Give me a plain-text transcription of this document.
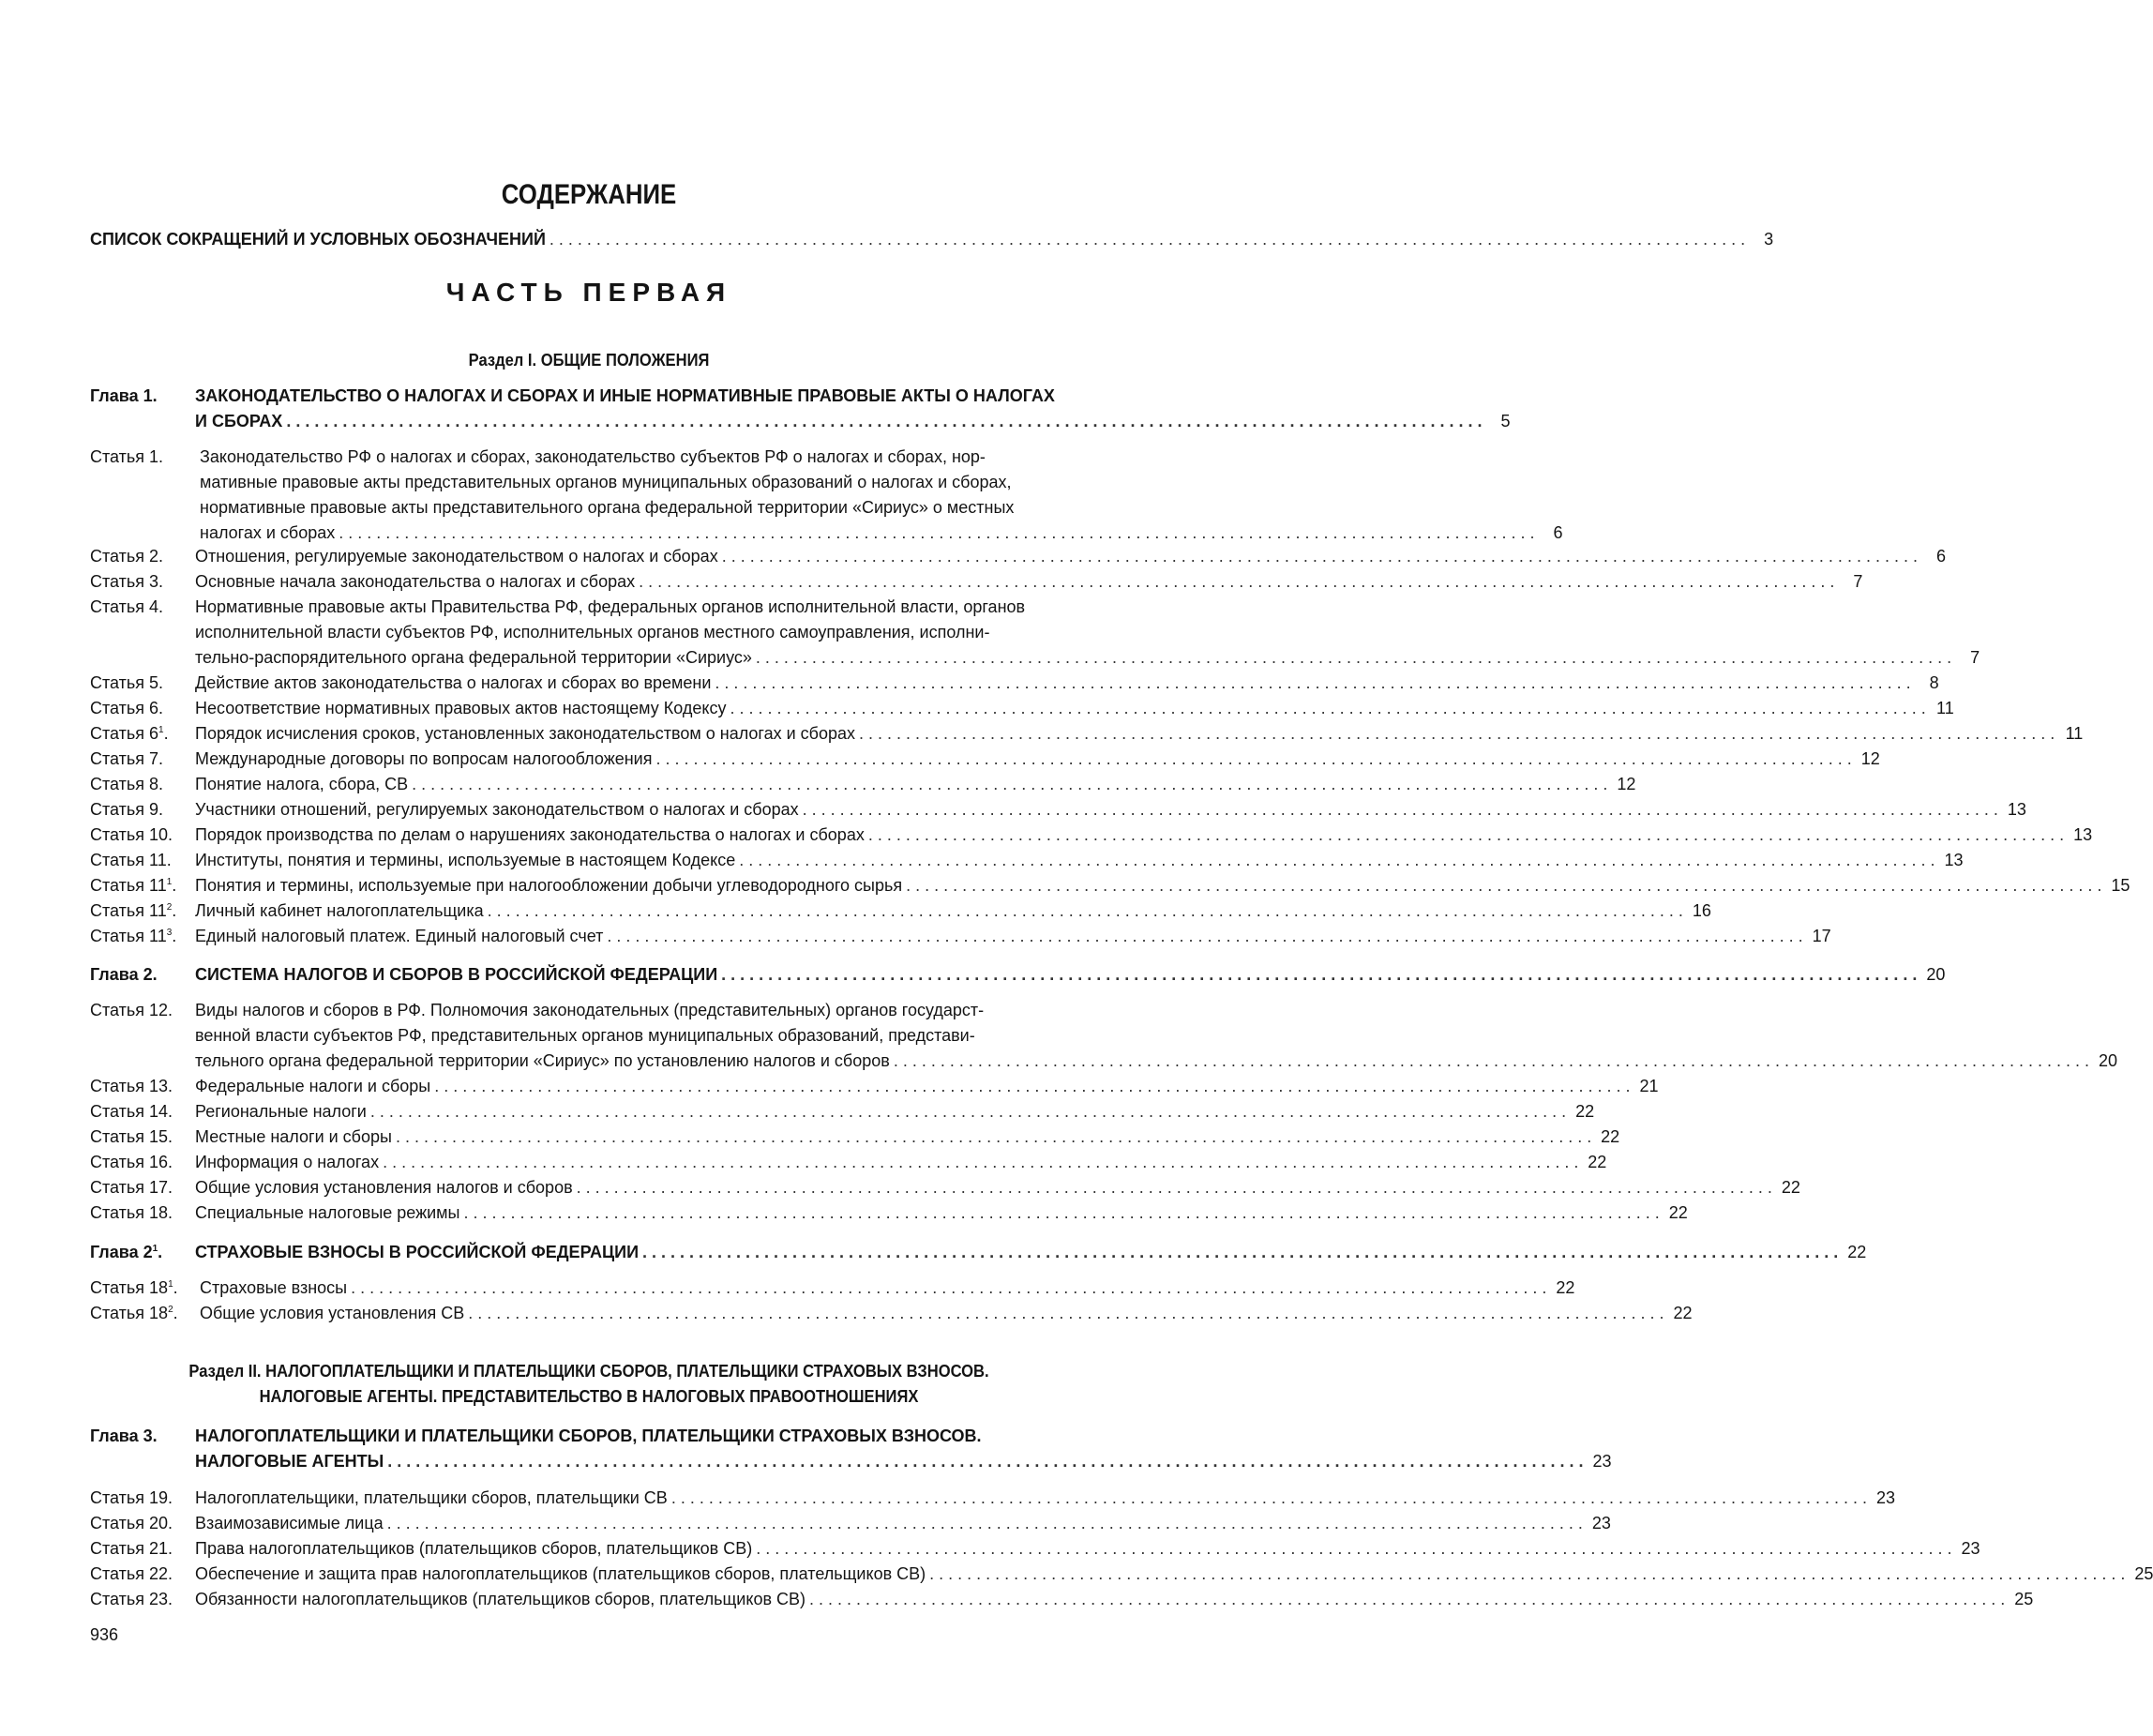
СОДЕРЖАНИЕ
СПИСОК СОКРАЩЕНИЙ И УСЛОВНЫХ ОБОЗНАЧЕНИЙ . . .	3
ЧАСТЬ ПЕРВАЯ
Раздел I. ОБЩИЕ ПОЛОЖЕНИЯ
Глава 1.	ЗАКОНОДАТЕЛЬСТВО О НАЛОГАХ И СБОРАХ И ИНЫЕ НОРМАТИВНЫЕ ПРАВОВЫЕ АКТЫ О НАЛОГАХ
И СБОРАХ . . .	5
Статья 1.	Законодательство РФ о налогах и сборах, законодательство субъектов РФ о налогах и сборах, нор-
мативные правовые акты представительных органов муниципальных образований о налогах и сборах,
нормативные правовые акты представительного органа федеральной территории «Сириус» о местных
налогах и сборах . . .	6
Статья 2.	Отношения, регулируемые законодательством о налогах и сборах . . .	6
Статья 3.	Основные начала законодательства о налогах и сборах . . .	7
Статья 4.	Нормативные правовые акты Правительства РФ, федеральных органов исполнительной власти, органов
исполнительной власти субъектов РФ, исполнительных органов местного самоуправления, исполни-
тельно-распорядительного органа федеральной территории «Сириус» . . .	7
Статья 5.	Действие актов законодательства о налогах и сборах во времени . . .	8
Статья 6.	Несоответствие нормативных правовых актов настоящему Кодексу . . .	11
Статья $6^1$.	Порядок исчисления сроков, установленных законодательством о налогах и сборах . . .	11
Статья 7.	Международные договоры по вопросам налогообложения . . .	12
Статья 8.	Понятие налога, сбора, СВ . . .	12
Статья 9.	Участники отношений, регулируемых законодательством о налогах и сборах . . .	13
Статья 10.	Порядок производства по делам о нарушениях законодательства о налогах и сборах . . .	13
Статья 11.	Институты, понятия и термины, используемые в настоящем Кодексе . . .	13
Статья $11^1$.	Понятия и термины, используемые при налогообложении добычи углеводородного сырья . . .	15
Статья $11^2$.	Личный кабинет налогоплательщика . . .	16
Статья $11^3$.	Единый налоговый платеж. Единый налоговый счет . . .	17
Глава 2.	СИСТЕМА НАЛОГОВ И СБОРОВ В РОССИЙСКОЙ ФЕДЕРАЦИИ . . .	20
Статья 12.	Виды налогов и сборов в РФ. Полномочия законодательных (представительных) органов государст-
венной власти субъектов РФ, представительных органов муниципальных образований, представи-
тельного органа федеральной территории «Сириус» по установлению налогов и сборов . . .	20
Статья 13.	Федеральные налоги и сборы . . .	21
Статья 14.	Региональные налоги . . .	22
Статья 15.	Местные налоги и сборы . . .	22
Статья 16.	Информация о налогах . . .	22
Статья 17.	Общие условия установления налогов и сборов . . .	22
Статья 18.	Специальные налоговые режимы . . .	22
Глава $2^1$.	СТРАХОВЫЕ ВЗНОСЫ В РОССИЙСКОЙ ФЕДЕРАЦИИ . . .	22
Статья $18^1$.	Страховые взносы . . .	22
Статья $18^2$.	Общие условия установления СВ . . .	22
Раздел II. НАЛОГОПЛАТЕЛЬЩИКИ И ПЛАТЕЛЬЩИКИ СБОРОВ, ПЛАТЕЛЬЩИКИ СТРАХОВЫХ ВЗНОСОВ.
НАЛОГОВЫЕ АГЕНТЫ. ПРЕДСТАВИТЕЛЬСТВО В НАЛОГОВЫХ ПРАВООТНОШЕНИЯХ
Глава 3.	НАЛОГОПЛАТЕЛЬЩИКИ И ПЛАТЕЛЬЩИКИ СБОРОВ, ПЛАТЕЛЬЩИКИ СТРАХОВЫХ ВЗНОСОВ.
НАЛОГОВЫЕ АГЕНТЫ . . .	23
Статья 19.	Налогоплательщики, плательщики сборов, плательщики СВ . . .	23
Статья 20.	Взаимозависимые лица . . .	23
Статья 21.	Права налогоплательщиков (плательщиков сборов, плательщиков СВ) . . .	23
Статья 22.	Обеспечение и защита прав налогоплательщиков (плательщиков сборов, плательщиков СВ) . . .	25
Статья 23.	Обязанности налогоплательщиков (плательщиков сборов, плательщиков СВ) . . .	25
936
